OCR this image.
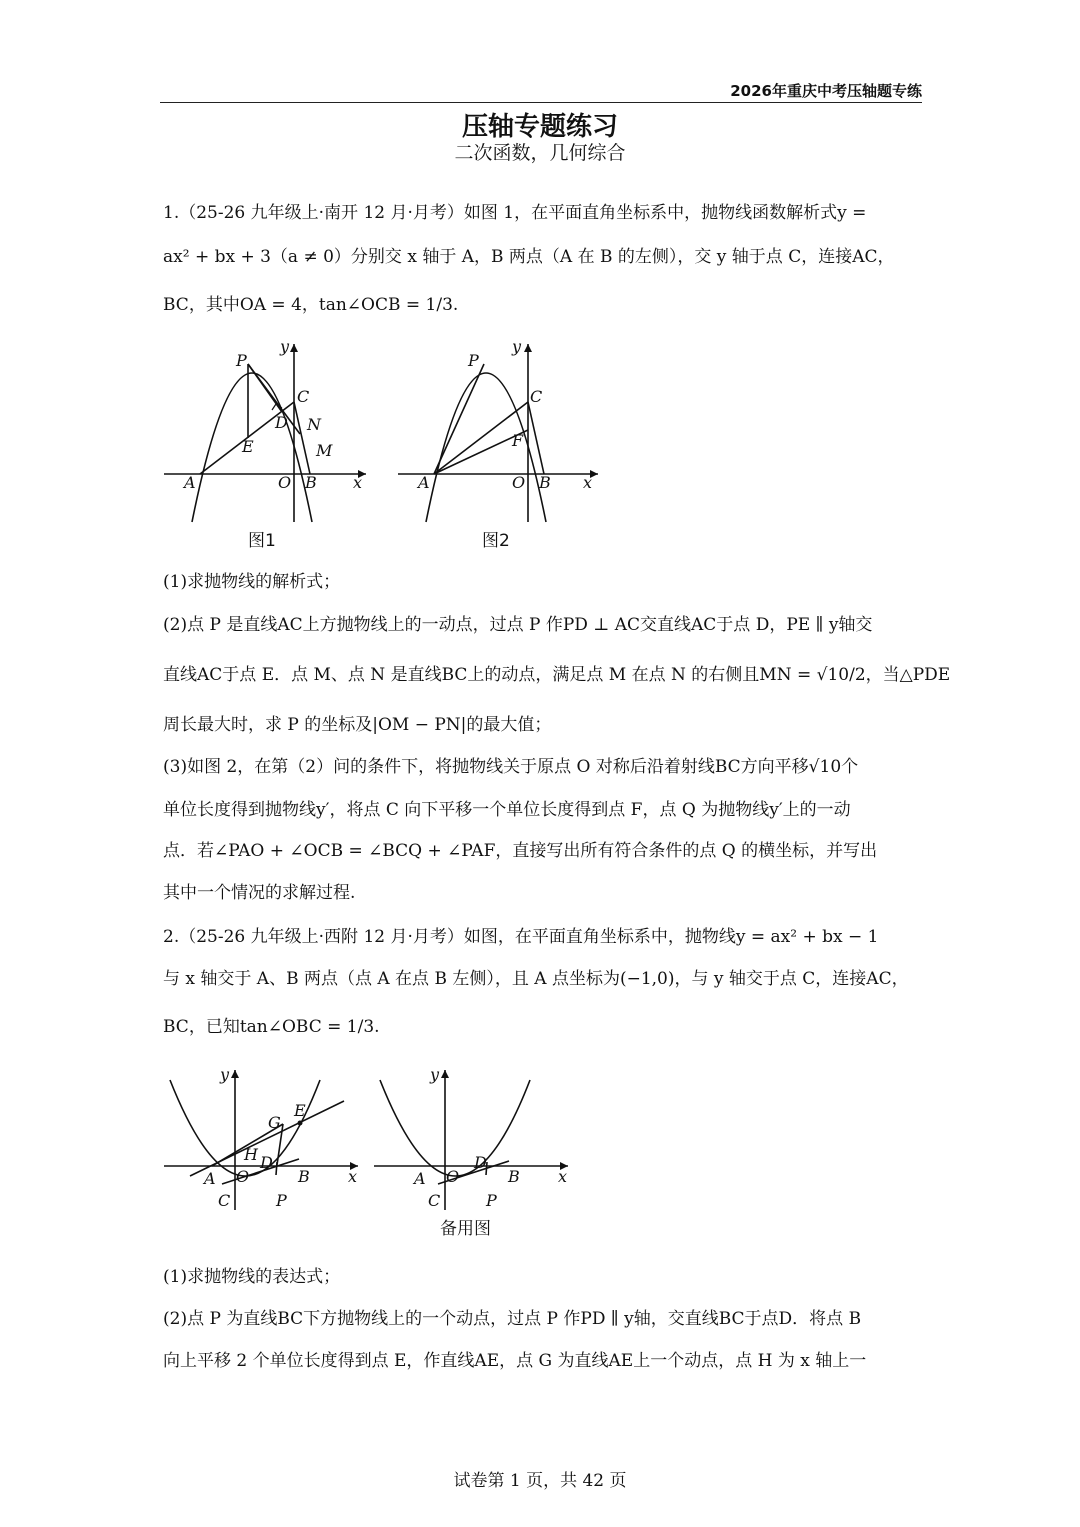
2026年重庆中考压轴题专练
压轴专题练习
二次函数，几何综合
1.（25-26 九年级上·南开 12 月·月考）如图 1，在平面直角坐标系中，抛物线函数解析式y =
ax² + bx + 3（a ≠ 0）分别交 x 轴于 A，B 两点（A 在 B 的左侧），交 y 轴于点 C，连接AC，
BC，其中OA = 4，tan∠OCB = 1/3.
A	O B x
y
P
C
D N
E	M
图1
A	O B x
y
P
C
F
图2
(1)求抛物线的解析式；
(2)点 P 是直线AC上方抛物线上的一动点，过点 P 作PD ⊥ AC交直线AC于点 D，PE ∥ y轴交
直线AC于点 E．点 M、点 N 是直线BC上的动点，满足点 M 在点 N 的右侧且MN = √10/2，当△PDE
周长最大时，求 P 的坐标及|OM − PN|的最大值；
(3)如图 2，在第（2）问的条件下，将抛物线关于原点 O 对称后沿着射线BC方向平移√10个
单位长度得到抛物线y′，将点 C 向下平移一个单位长度得到点 F，点 Q 为抛物线y′上的一动
点．若∠PAO + ∠OCB = ∠BCQ + ∠PAF，直接写出所有符合条件的点 Q 的横坐标，并写出
其中一个情况的求解过程.
2.（25-26 九年级上·西附 12 月·月考）如图，在平面直角坐标系中，抛物线y = ax² + bx − 1
与 x 轴交于 A、B 两点（点 A 在点 B 左侧），且 A 点坐标为(−1,0)，与 y 轴交于点 C，连接AC，
BC，已知tan∠OBC = 1/3.
A O	B x
y
C	P
G
E
H D
A O	B x
y
C	P
D
备用图
(1)求抛物线的表达式；
(2)点 P 为直线BC下方抛物线上的一个动点，过点 P 作PD ∥ y轴，交直线BC于点D．将点 B
向上平移 2 个单位长度得到点 E，作直线AE，点 G 为直线AE上一个动点，点 H 为 x 轴上一
试卷第 1 页，共 42 页
